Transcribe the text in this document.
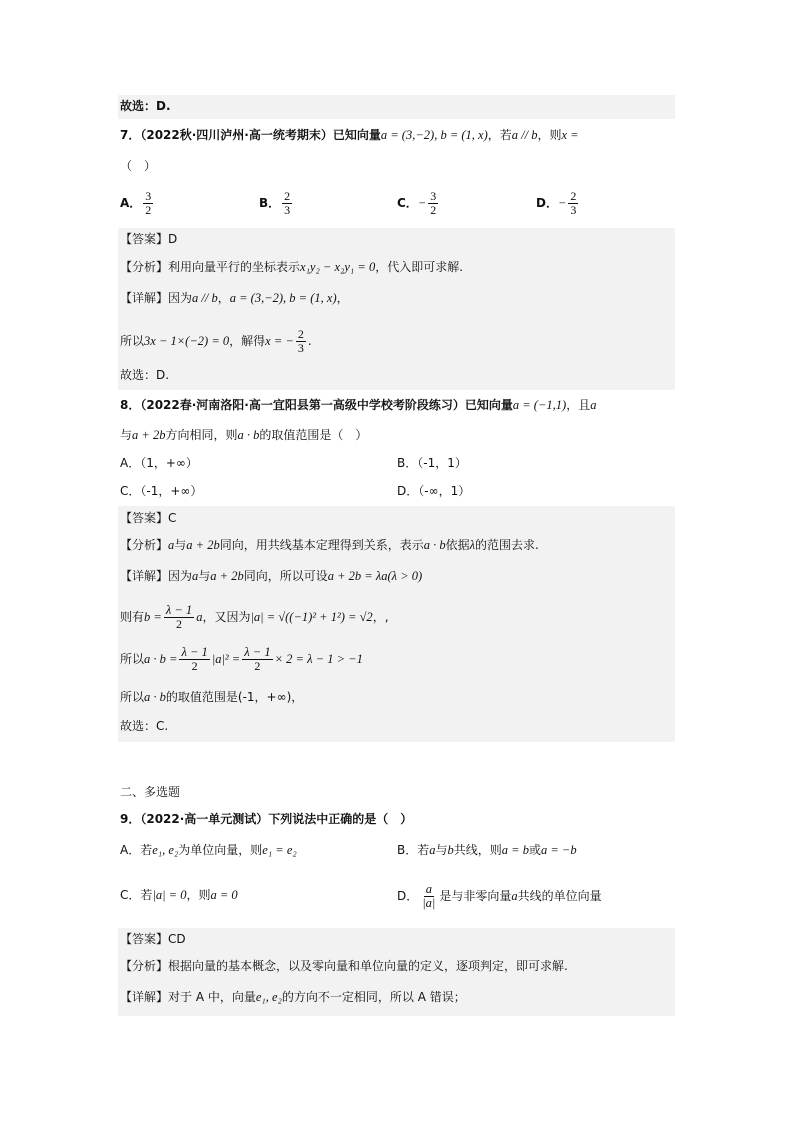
故选：D.
7．（2022秋·四川泸州·高一统考期末）已知向量a = (3,−2), b = (1, x)，若a // b，则x =
（　）
A． $\frac{3}{2}$	B． $\frac{2}{3}$	C．− $\frac{3}{2}$	D．− $\frac{2}{3}$
【答案】D
【分析】利用向量平行的坐标表示x₁y₂ − x₂y₁ = 0，代入即可求解.
【详解】因为a // b，a = (3,−2), b = (1, x)，
所以3x − 1×(−2) = 0，解得x = − $\frac{2}{3}$ .
故选：D.
8．（2022春·河南洛阳·高一宜阳县第一高级中学校考阶段练习）已知向量a = (−1,1)，且a
与a + 2b方向相同，则a · b的取值范围是（　）
A．（1，+∞）	B．（-1，1）
C．（-1，+∞）	D．（-∞，1）
【答案】C
【分析】a与a + 2b同向，用共线基本定理得到关系，表示a · b依据λ的范围去求.
【详解】因为a与a + 2b同向，所以可设a + 2b = λa(λ > 0)
则有$b = \frac{\lambda - 1}{2}$ a，又因为|a| = √((−1)² + 1²) = √2，,
所以$a \cdot b = \frac{\lambda - 1}{2} |a|^2 = \frac{\lambda - 1}{2} \times 2 = \lambda - 1 > -1$
所以a · b的取值范围是(-1，+∞)，
故选：C.
二、多选题
9．（2022·高一单元测试）下列说法中正确的是（　）
A．若e₁, e₂为单位向量，则e₁ = e₂	B．若a与b共线，则a = b或a = −b
C．若|a| = 0，则a = 0	D． $\frac{a}{|a|}$ 是与非零向量a共线的单位向量
【答案】CD
【分析】根据向量的基本概念，以及零向量和单位向量的定义，逐项判定，即可求解.
【详解】对于 A 中，向量e₁, e₂的方向不一定相同，所以 A 错误；
